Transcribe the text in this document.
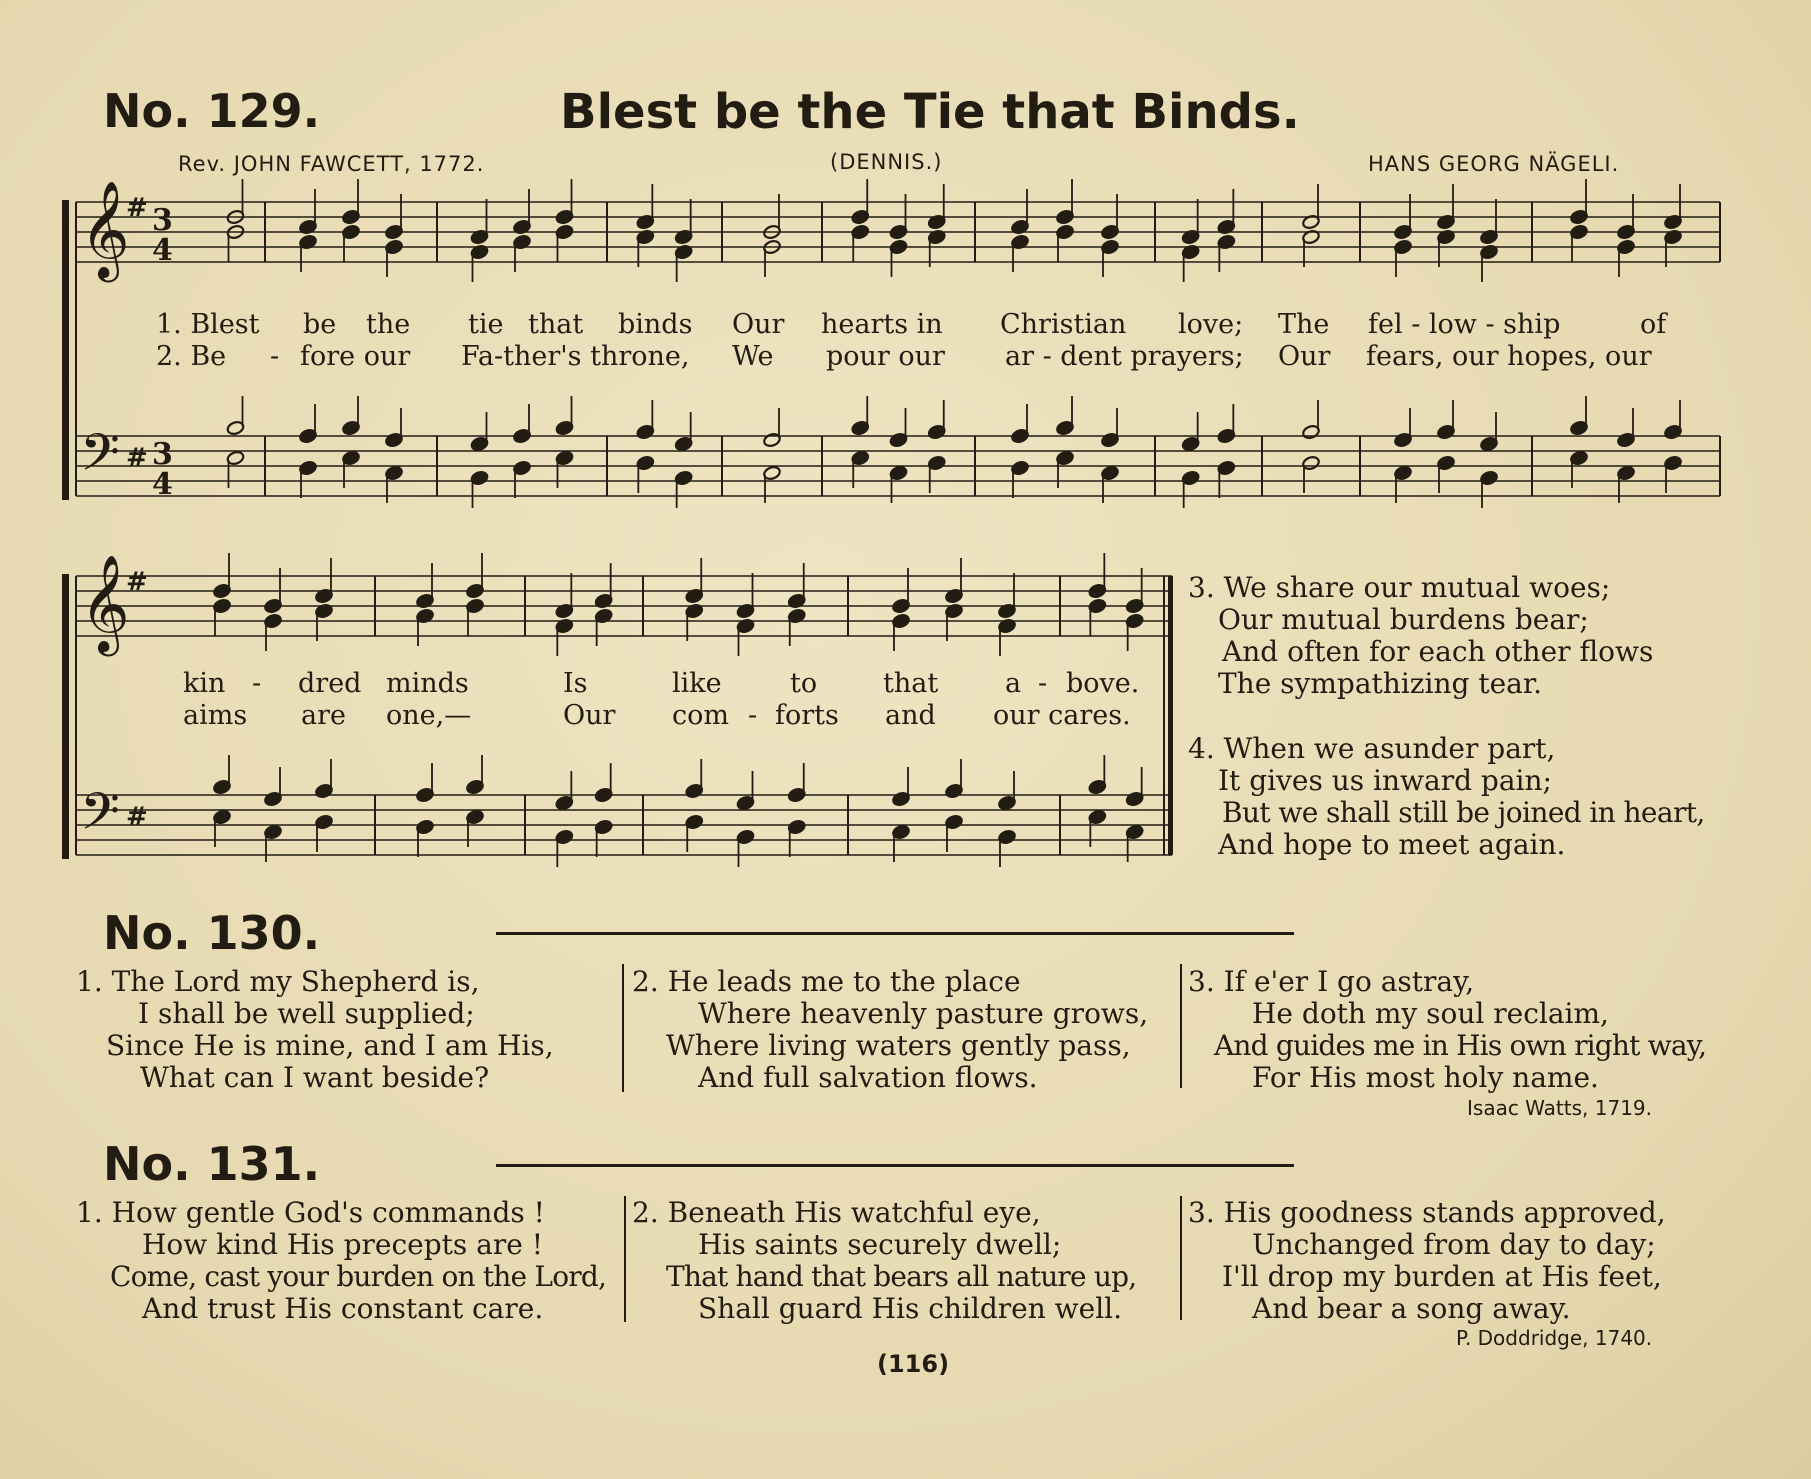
𝄞
𝄢
#
#
3
4
3
4
𝄞
𝄢
#
#
No. 129.	Blest be the Tie that Binds.
Rev. JOHN FAWCETT, 1772.	(DENNIS.)	HANS GEORG NÄGELI.
1. Blest be the tie that binds Our hearts in Christian love; The fel - low - ship	of
2. Be - fore our Fa-ther's throne, We pour our ar - dent prayers; Our fears, our hopes, our
kin - dred minds	Is	like	to that a - bove.
aims are one,—	Our com - forts and our cares.
3. We share our mutual woes;
Our mutual burdens bear;
And often for each other flows
The sympathizing tear.
4. When we asunder part,
It gives us inward pain;
But we shall still be joined in heart,
And hope to meet again.
No. 130.
1. The Lord my Shepherd is,
I shall be well supplied;
Since He is mine, and I am His,
What can I want beside?
2. He leads me to the place
Where heavenly pasture grows,
Where living waters gently pass,
And full salvation flows.
3. If e'er I go astray,
He doth my soul reclaim,
And guides me in His own right way,
For His most holy name.
Isaac Watts, 1719.
No. 131.
1. How gentle God's commands !
How kind His precepts are !
Come, cast your burden on the Lord,
And trust His constant care.
2. Beneath His watchful eye,
His saints securely dwell;
That hand that bears all nature up,
Shall guard His children well.
3. His goodness stands approved,
Unchanged from day to day;
I'll drop my burden at His feet,
And bear a song away.
P. Doddridge, 1740.
(116)
